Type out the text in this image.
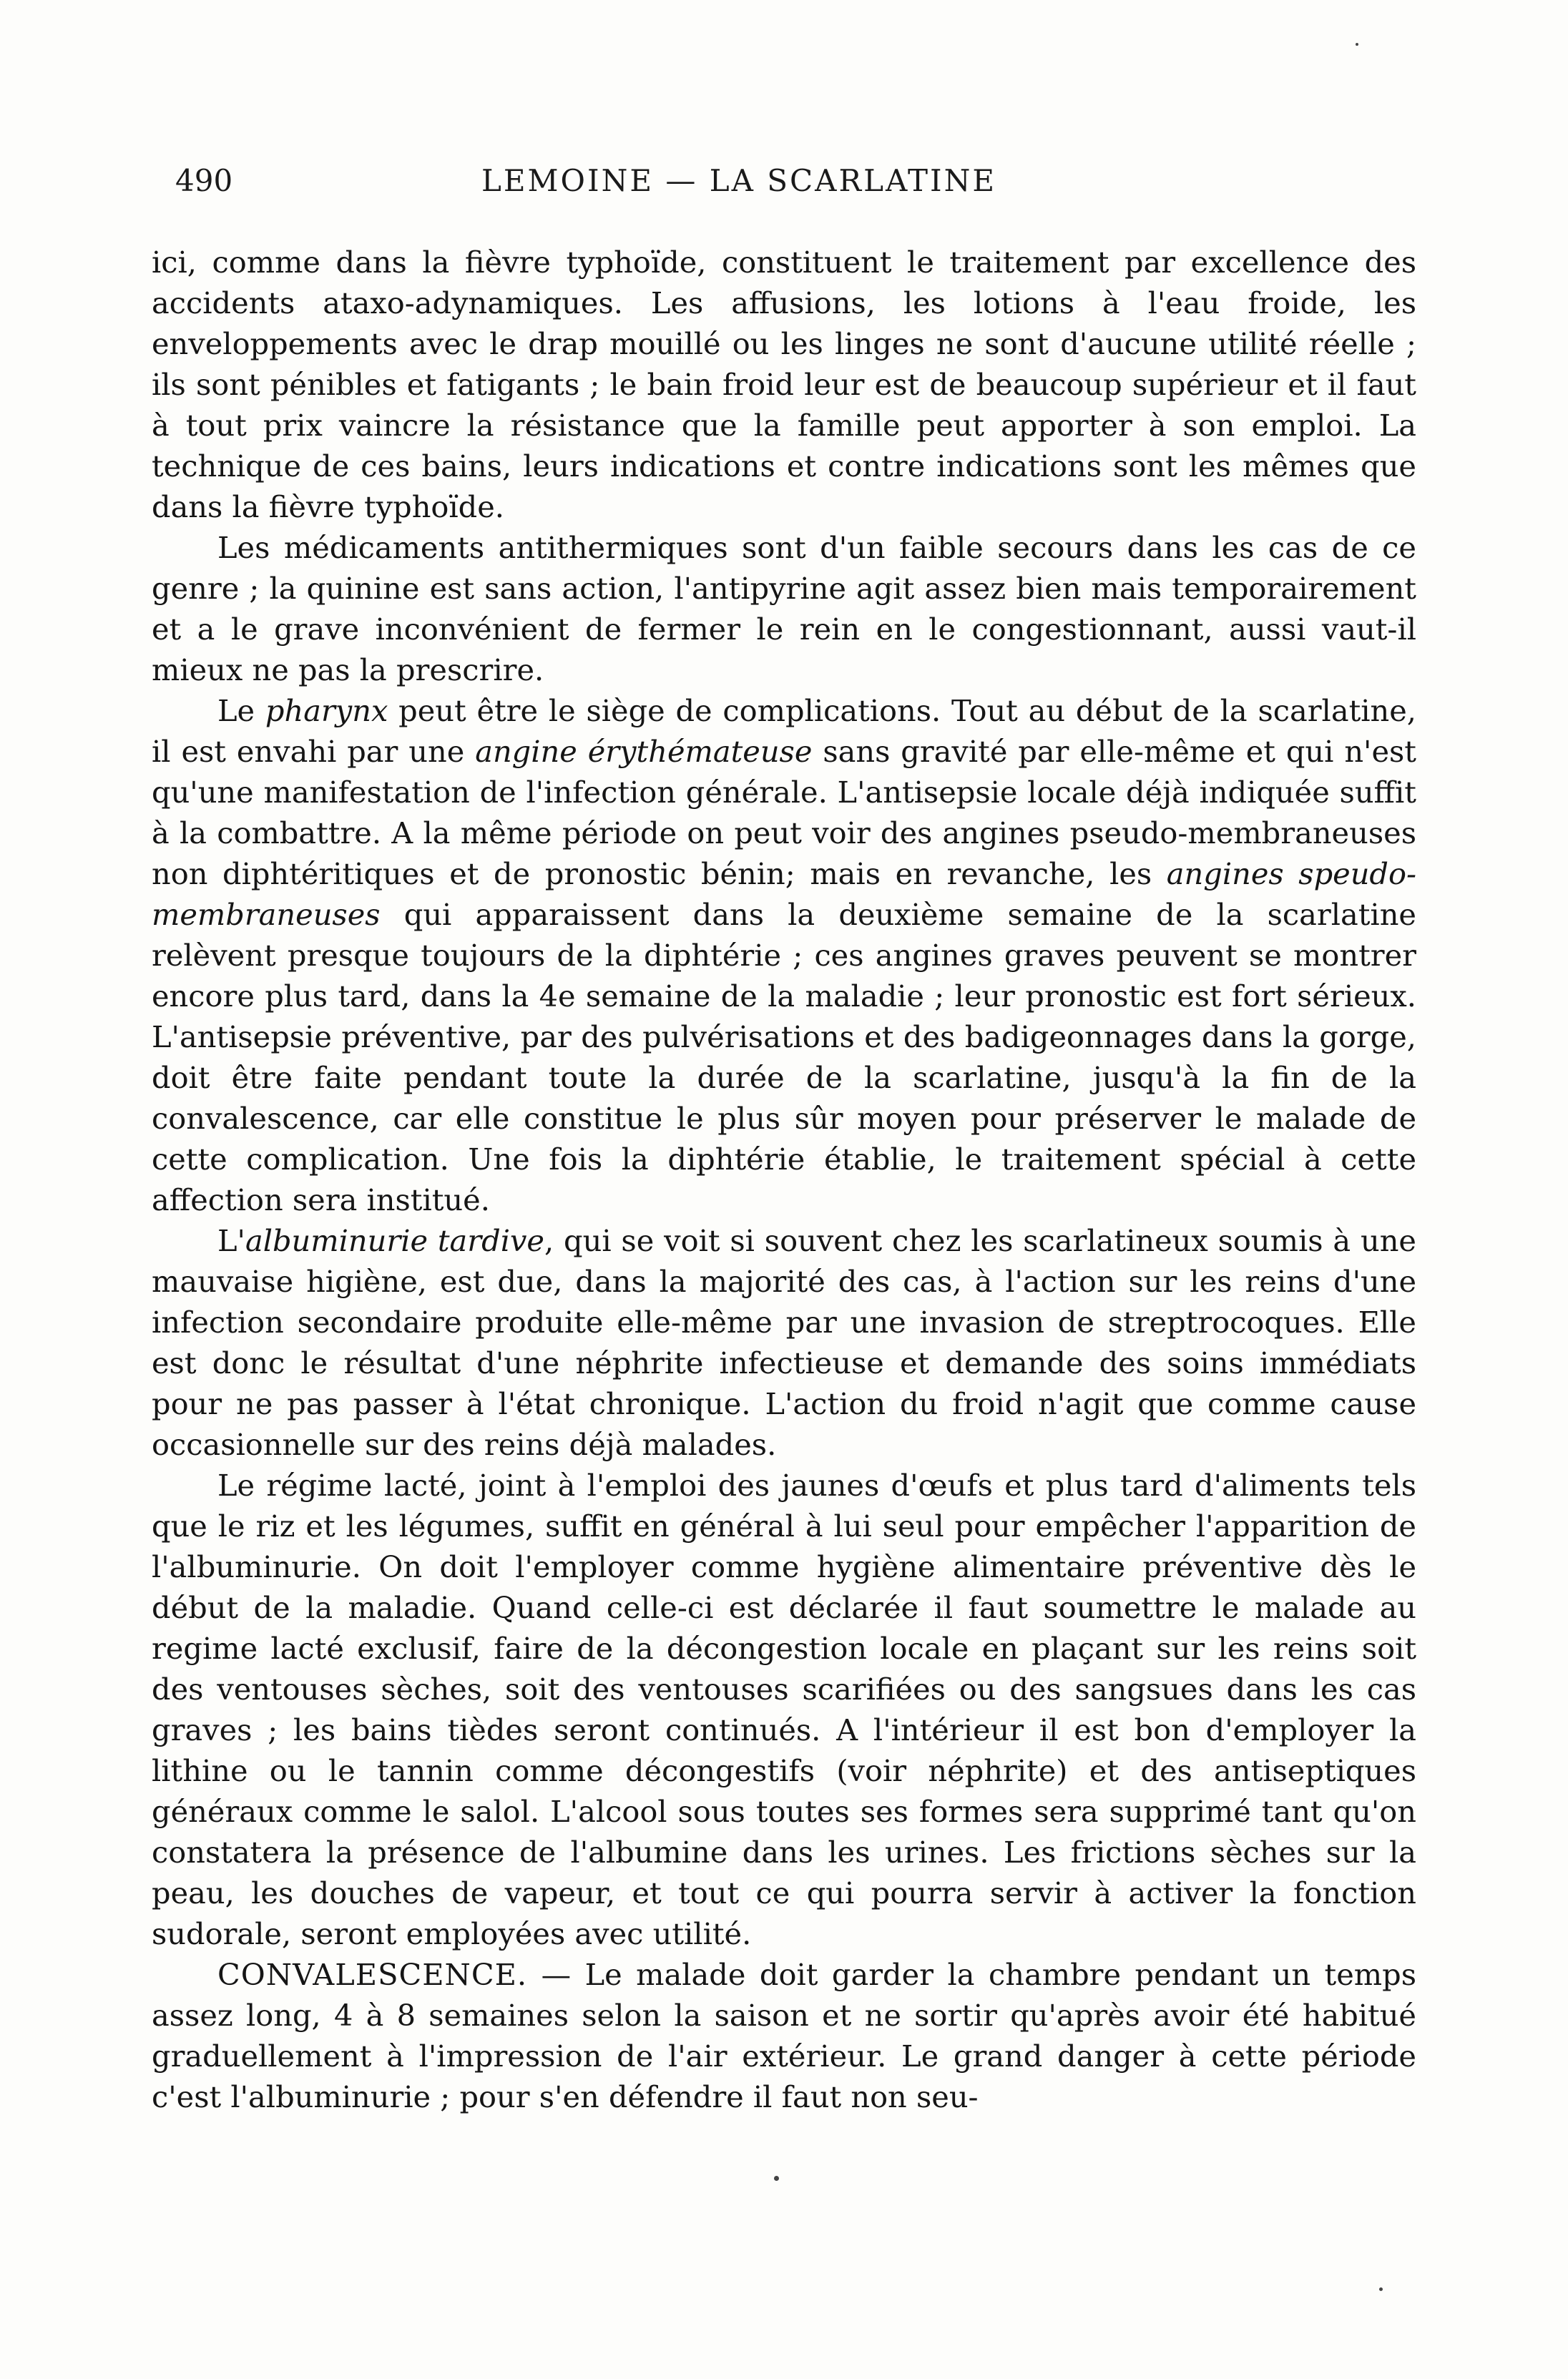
490	LEMOINE — LA SCARLATINE

ici, comme dans la fièvre typhoïde, constituent le traitement par excellence des accidents ataxo-adynamiques. Les affusions, les lotions à l'eau froide, les enveloppements avec le drap mouillé ou les linges ne sont d'aucune utilité réelle ; ils sont pénibles et fatigants ; le bain froid leur est de beaucoup supérieur et il faut à tout prix vaincre la résistance que la famille peut apporter à son emploi. La technique de ces bains, leurs indications et contre indications sont les mêmes que dans la fièvre typhoïde.

Les médicaments antithermiques sont d'un faible secours dans les cas de ce genre ; la quinine est sans action, l'antipyrine agit assez bien mais temporairement et a le grave inconvénient de fermer le rein en le congestionnant, aussi vaut-il mieux ne pas la prescrire.

Le pharynx peut être le siège de complications. Tout au début de la scarlatine, il est envahi par une angine érythémateuse sans gravité par elle-même et qui n'est qu'une manifestation de l'infection générale. L'antisepsie locale déjà indiquée suffit à la combattre. A la même période on peut voir des angines pseudo-membraneuses non diphtéritiques et de pronostic bénin; mais en revanche, les angines speudo-membraneuses qui apparaissent dans la deuxième semaine de la scarlatine relèvent presque toujours de la diphtérie ; ces angines graves peuvent se montrer encore plus tard, dans la 4e semaine de la maladie ; leur pronostic est fort sérieux. L'antisepsie préventive, par des pulvérisations et des badigeonnages dans la gorge, doit être faite pendant toute la durée de la scarlatine, jusqu'à la fin de la convalescence, car elle constitue le plus sûr moyen pour préserver le malade de cette complication. Une fois la diphtérie établie, le traitement spécial à cette affection sera institué.

L'albuminurie tardive, qui se voit si souvent chez les scarlatineux soumis à une mauvaise higiène, est due, dans la majorité des cas, à l'action sur les reins d'une infection secondaire produite elle-même par une invasion de streptrocoques. Elle est donc le résultat d'une néphrite infectieuse et demande des soins immédiats pour ne pas passer à l'état chronique. L'action du froid n'agit que comme cause occasionnelle sur des reins déjà malades.

Le régime lacté, joint à l'emploi des jaunes d'œufs et plus tard d'aliments tels que le riz et les légumes, suffit en général à lui seul pour empêcher l'apparition de l'albuminurie. On doit l'employer comme hygiène alimentaire préventive dès le début de la maladie. Quand celle-ci est déclarée il faut soumettre le malade au regime lacté exclusif, faire de la décongestion locale en plaçant sur les reins soit des ventouses sèches, soit des ventouses scarifiées ou des sangsues dans les cas graves ; les bains tièdes seront continués. A l'intérieur il est bon d'employer la lithine ou le tannin comme décongestifs (voir néphrite) et des antiseptiques généraux comme le salol. L'alcool sous toutes ses formes sera supprimé tant qu'on constatera la présence de l'albumine dans les urines. Les frictions sèches sur la peau, les douches de vapeur, et tout ce qui pourra servir à activer la fonction sudorale, seront employées avec utilité.

CONVALESCENCE. — Le malade doit garder la chambre pendant un temps assez long, 4 à 8 semaines selon la saison et ne sortir qu'après avoir été habitué graduellement à l'impression de l'air extérieur. Le grand danger à cette période c'est l'albuminurie ; pour s'en défendre il faut non seu-
